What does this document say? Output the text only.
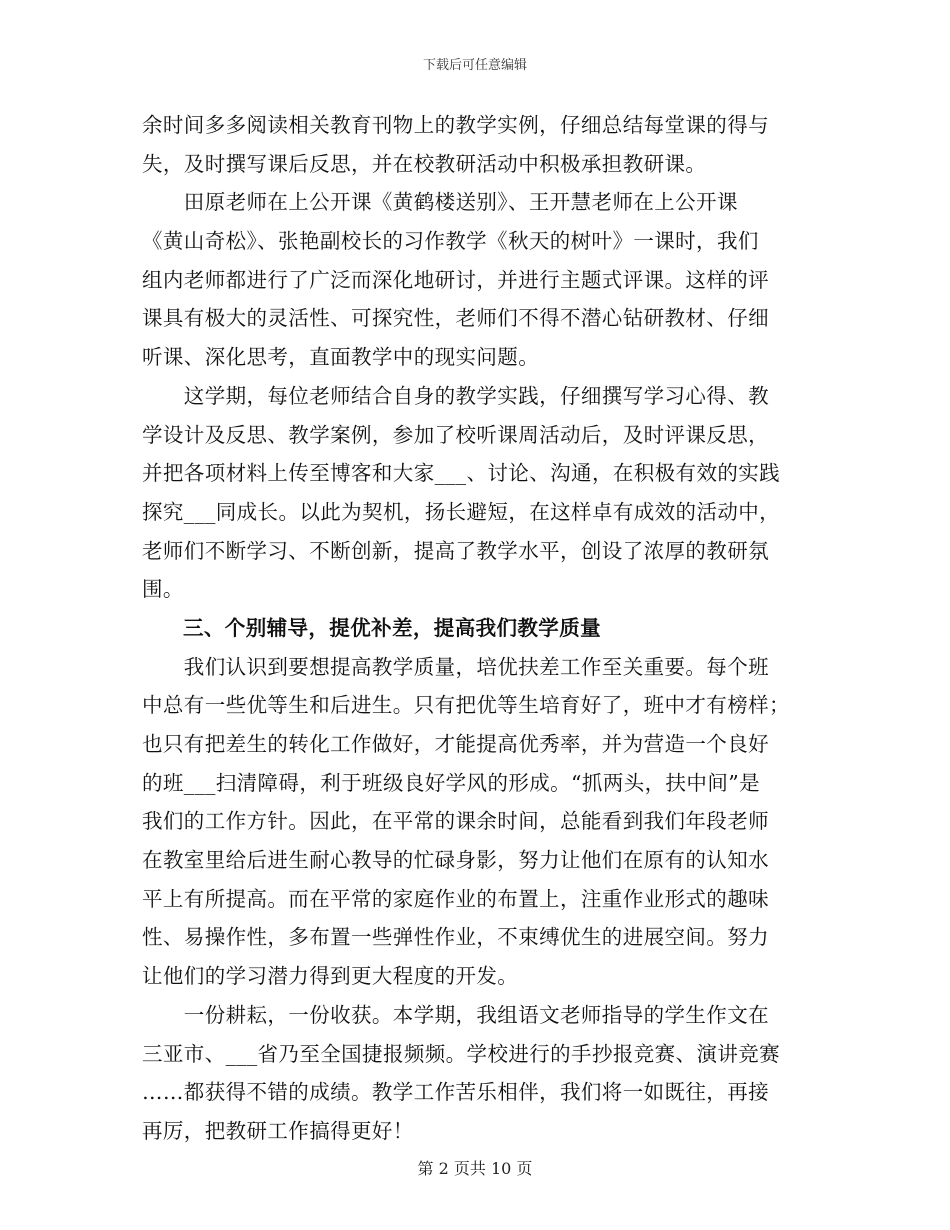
下载后可任意编辑
余时间多多阅读相关教育刊物上的教学实例，仔细总结每堂课的得与
失，及时撰写课后反思，并在校教研活动中积极承担教研课。
　　田原老师在上公开课《黄鹤楼送别》、王开慧老师在上公开课
《黄山奇松》、张艳副校长的习作教学《秋天的树叶》一课时，我们
组内老师都进行了广泛而深化地研讨，并进行主题式评课。这样的评
课具有极大的灵活性、可探究性，老师们不得不潜心钻研教材、仔细
听课、深化思考，直面教学中的现实问题。
　　这学期，每位老师结合自身的教学实践，仔细撰写学习心得、教
学设计及反思、教学案例，参加了校听课周活动后，及时评课反思，
并把各项材料上传至博客和大家___、讨论、沟通，在积极有效的实践
探究___同成长。以此为契机，扬长避短，在这样卓有成效的活动中，
老师们不断学习、不断创新，提高了教学水平，创设了浓厚的教研氛
围。
三、个别辅导，提优补差，提高我们教学质量
　　我们认识到要想提高教学质量，培优扶差工作至关重要。每个班
中总有一些优等生和后进生。只有把优等生培育好了，班中才有榜样；
也只有把差生的转化工作做好，才能提高优秀率，并为营造一个良好
的班___扫清障碍，利于班级良好学风的形成。“抓两头，扶中间”是
我们的工作方针。因此，在平常的课余时间，总能看到我们年段老师
在教室里给后进生耐心教导的忙碌身影，努力让他们在原有的认知水
平上有所提高。而在平常的家庭作业的布置上，注重作业形式的趣味
性、易操作性，多布置一些弹性作业，不束缚优生的进展空间。努力
让他们的学习潜力得到更大程度的开发。
　　一份耕耘，一份收获。本学期，我组语文老师指导的学生作文在
三亚市、___省乃至全国捷报频频。学校进行的手抄报竞赛、演讲竞赛
……都获得不错的成绩。教学工作苦乐相伴，我们将一如既往，再接
再厉，把教研工作搞得更好！
第 2 页共 10 页
